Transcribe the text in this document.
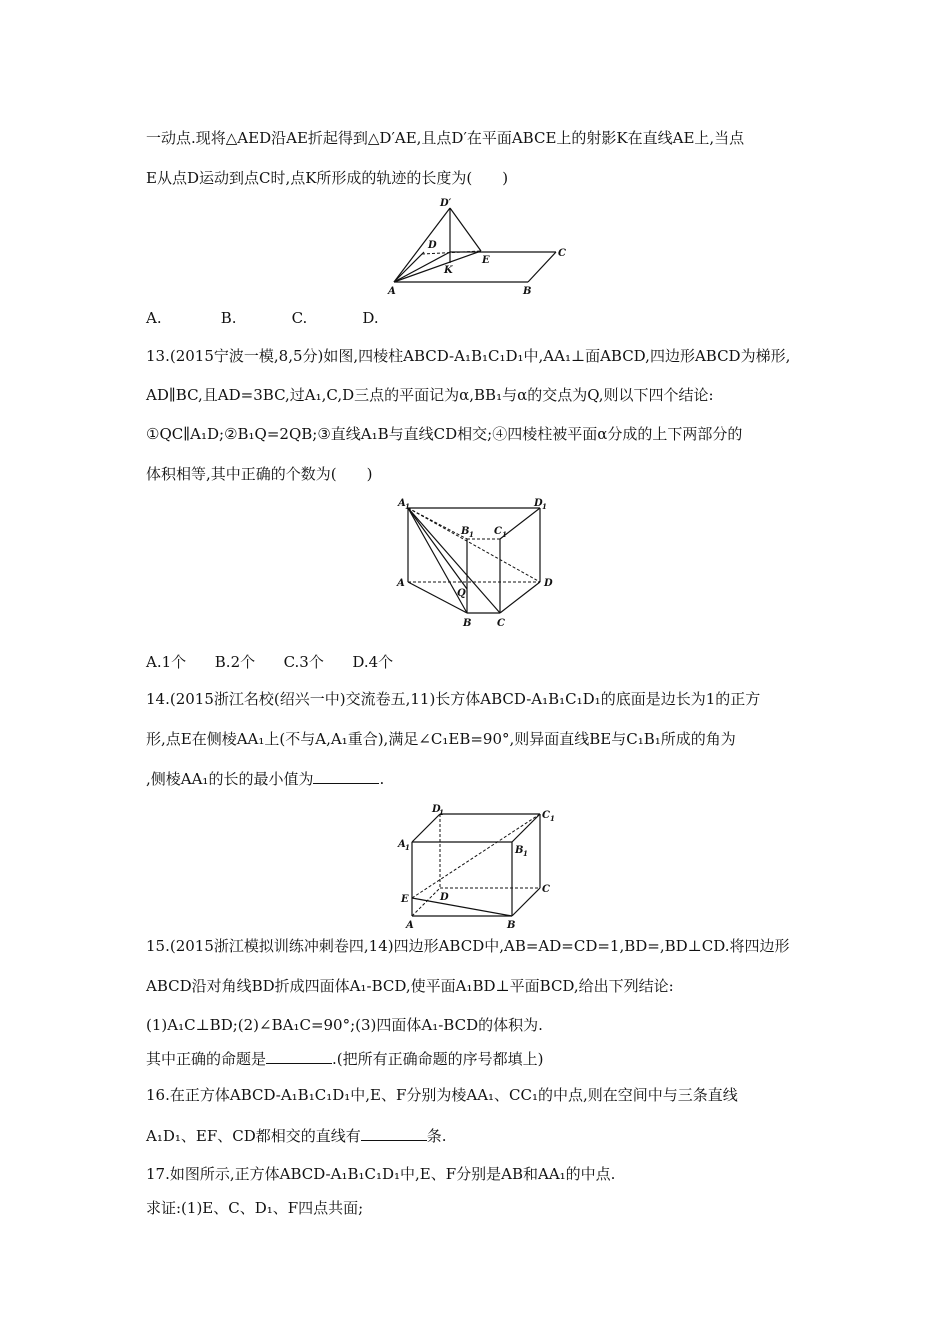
一动点.现将△AED沿AE折起得到△D′AE,且点D′在平面ABCE上的射影K在直线AE上,当点
E从点D运动到点C时,点K所形成的轨迹的长度为(　　)
D′
D
E
C
K
A	B
A.	B.	C.	D.
13.(2015宁波一模,8,5分)如图,四棱柱ABCD-A₁B₁C₁D₁中,AA₁⊥面ABCD,四边形ABCD为梯形,
AD∥BC,且AD=3BC,过A₁,C,D三点的平面记为α,BB₁与α的交点为Q,则以下四个结论:
①QC∥A₁D;②B₁Q=2QB;③直线A₁B与直线CD相交;④四棱柱被平面α分成的上下两部分的
体积相等,其中正确的个数为(　　)
A 1	D 1
B 1 C 1
A	D
Q
B	C
A.1个 B.2个 C.3个 D.4个
14.(2015浙江名校(绍兴一中)交流卷五,11)长方体ABCD-A₁B₁C₁D₁的底面是边长为1的正方
形,点E在侧棱AA₁上(不与A,A₁重合),满足∠C₁EB=90°,则异面直线BE与C₁B₁所成的角为
,侧棱AA₁的长的最小值为	.
D
1	C 1
A 1	B 1
C
E	D
A	B
15.(2015浙江模拟训练冲刺卷四,14)四边形ABCD中,AB=AD=CD=1,BD=,BD⊥CD.将四边形
ABCD沿对角线BD折成四面体A₁-BCD,使平面A₁BD⊥平面BCD,给出下列结论:
(1)A₁C⊥BD;(2)∠BA₁C=90°;(3)四面体A₁-BCD的体积为.
其中正确的命题是	.(把所有正确命题的序号都填上)
16.在正方体ABCD-A₁B₁C₁D₁中,E、F分别为棱AA₁、CC₁的中点,则在空间中与三条直线
A₁D₁、EF、CD都相交的直线有	条.
17.如图所示,正方体ABCD-A₁B₁C₁D₁中,E、F分别是AB和AA₁的中点.
求证:(1)E、C、D₁、F四点共面;
